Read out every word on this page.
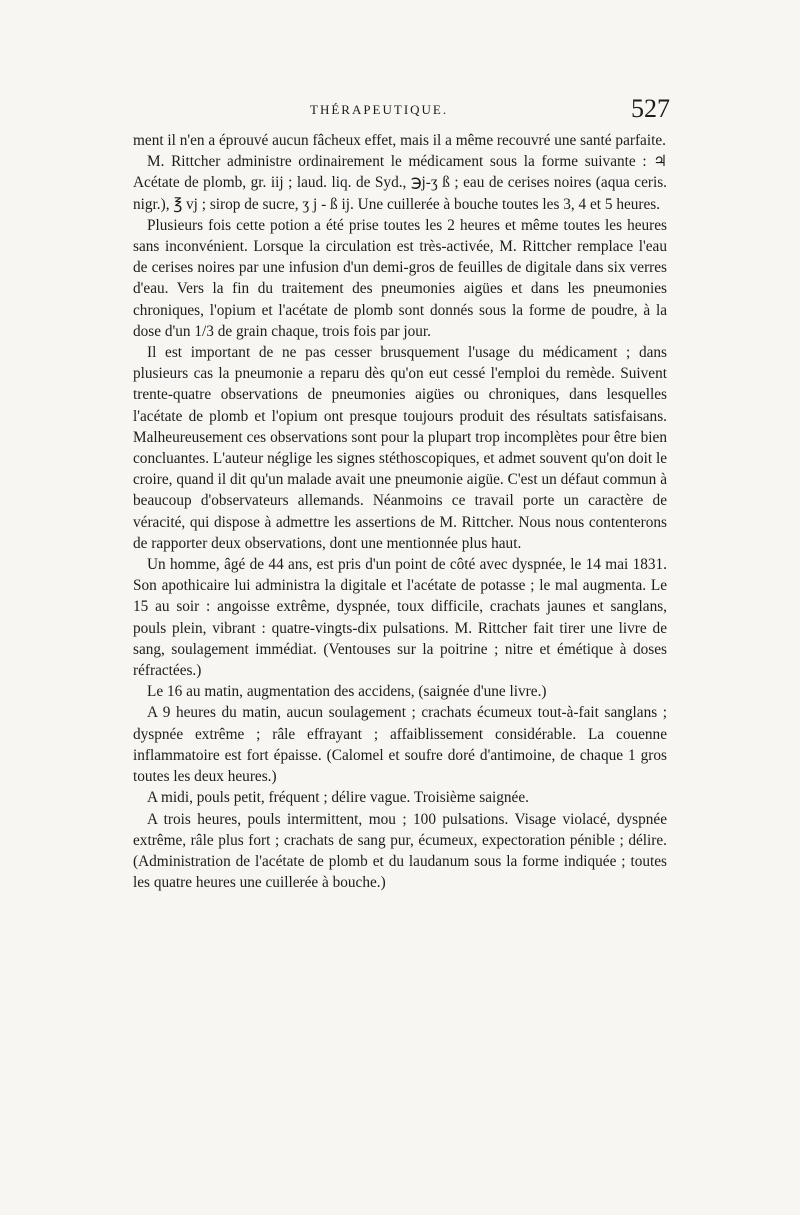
THÉRAPEUTIQUE.	527

ment il n'en a éprouvé aucun fâcheux effet, mais il a même recouvré une santé parfaite.

M. Rittcher administre ordinairement le médicament sous la forme suivante : ♃ Acétate de plomb, gr. iij ; laud. liq. de Syd., ℈j-ʒ ß ; eau de cerises noires (aqua ceris. nigr.), ℥ vj ; sirop de sucre, ʒ j - ß ij. Une cuillerée à bouche toutes les 3, 4 et 5 heures.

Plusieurs fois cette potion a été prise toutes les 2 heures et même toutes les heures sans inconvénient. Lorsque la circulation est très-activée, M. Rittcher remplace l'eau de cerises noires par une infusion d'un demi-gros de feuilles de digitale dans six verres d'eau. Vers la fin du traitement des pneumonies aigües et dans les pneumonies chroniques, l'opium et l'acétate de plomb sont donnés sous la forme de poudre, à la dose d'un 1/3 de grain chaque, trois fois par jour.

Il est important de ne pas cesser brusquement l'usage du médicament ; dans plusieurs cas la pneumonie a reparu dès qu'on eut cessé l'emploi du remède. Suivent trente-quatre observations de pneumonies aigües ou chroniques, dans lesquelles l'acétate de plomb et l'opium ont presque toujours produit des résultats satisfaisans. Malheureusement ces observations sont pour la plupart trop incomplètes pour être bien concluantes. L'auteur néglige les signes stéthoscopiques, et admet souvent qu'on doit le croire, quand il dit qu'un malade avait une pneumonie aigüe. C'est un défaut commun à beaucoup d'observateurs allemands. Néanmoins ce travail porte un caractère de véracité, qui dispose à admettre les assertions de M. Rittcher. Nous nous contenterons de rapporter deux observations, dont une mentionnée plus haut.

Un homme, âgé de 44 ans, est pris d'un point de côté avec dyspnée, le 14 mai 1831. Son apothicaire lui administra la digitale et l'acétate de potasse ; le mal augmenta. Le 15 au soir : angoisse extrême, dyspnée, toux difficile, crachats jaunes et sanglans, pouls plein, vibrant : quatre-vingts-dix pulsations. M. Rittcher fait tirer une livre de sang, soulagement immédiat. (Ventouses sur la poitrine ; nitre et émétique à doses réfractées.)

Le 16 au matin, augmentation des accidens, (saignée d'une livre.)

A 9 heures du matin, aucun soulagement ; crachats écumeux tout-à-fait sanglans ; dyspnée extrême ; râle effrayant ; affaiblissement considérable. La couenne inflammatoire est fort épaisse. (Calomel et soufre doré d'antimoine, de chaque 1 gros toutes les deux heures.)

A midi, pouls petit, fréquent ; délire vague. Troisième saignée.

A trois heures, pouls intermittent, mou ; 100 pulsations. Visage violacé, dyspnée extrême, râle plus fort ; crachats de sang pur, écumeux, expectoration pénible ; délire. (Administration de l'acétate de plomb et du laudanum sous la forme indiquée ; toutes les quatre heures une cuillerée à bouche.)
